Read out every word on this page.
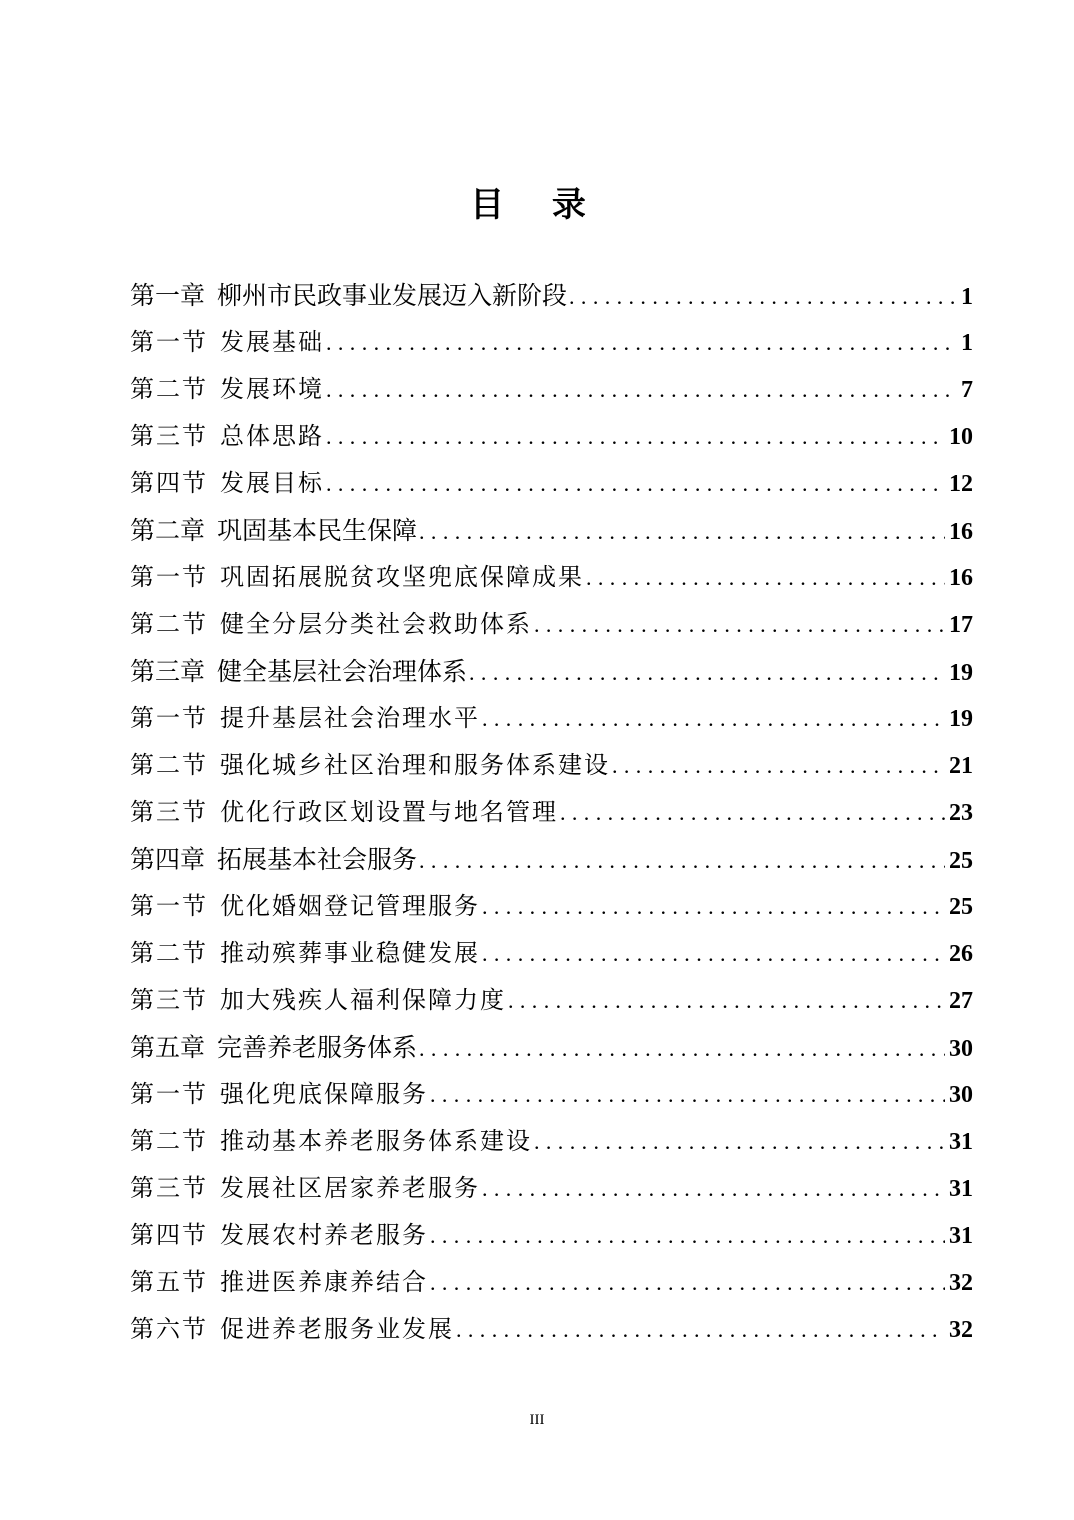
目 录
第一章 柳州市民政事业发展迈入新阶段 .....	1
第一节 发展基础 .....	1
第二节 发展环境 .....	7
第三节 总体思路 .....	10
第四节 发展目标 .....	12
第二章 巩固基本民生保障 .....	16
第一节 巩固拓展脱贫攻坚兜底保障成果 .....	16
第二节 健全分层分类社会救助体系 .....	17
第三章 健全基层社会治理体系 .....	19
第一节 提升基层社会治理水平 .....	19
第二节 强化城乡社区治理和服务体系建设 .....	21
第三节 优化行政区划设置与地名管理 .....	23
第四章 拓展基本社会服务 .....	25
第一节 优化婚姻登记管理服务 .....	25
第二节 推动殡葬事业稳健发展 .....	26
第三节 加大残疾人福利保障力度 .....	27
第五章 完善养老服务体系 .....	30
第一节 强化兜底保障服务 .....	30
第二节 推动基本养老服务体系建设 .....	31
第三节 发展社区居家养老服务 .....	31
第四节 发展农村养老服务 .....	31
第五节 推进医养康养结合 .....	32
第六节 促进养老服务业发展 .....	32
III
